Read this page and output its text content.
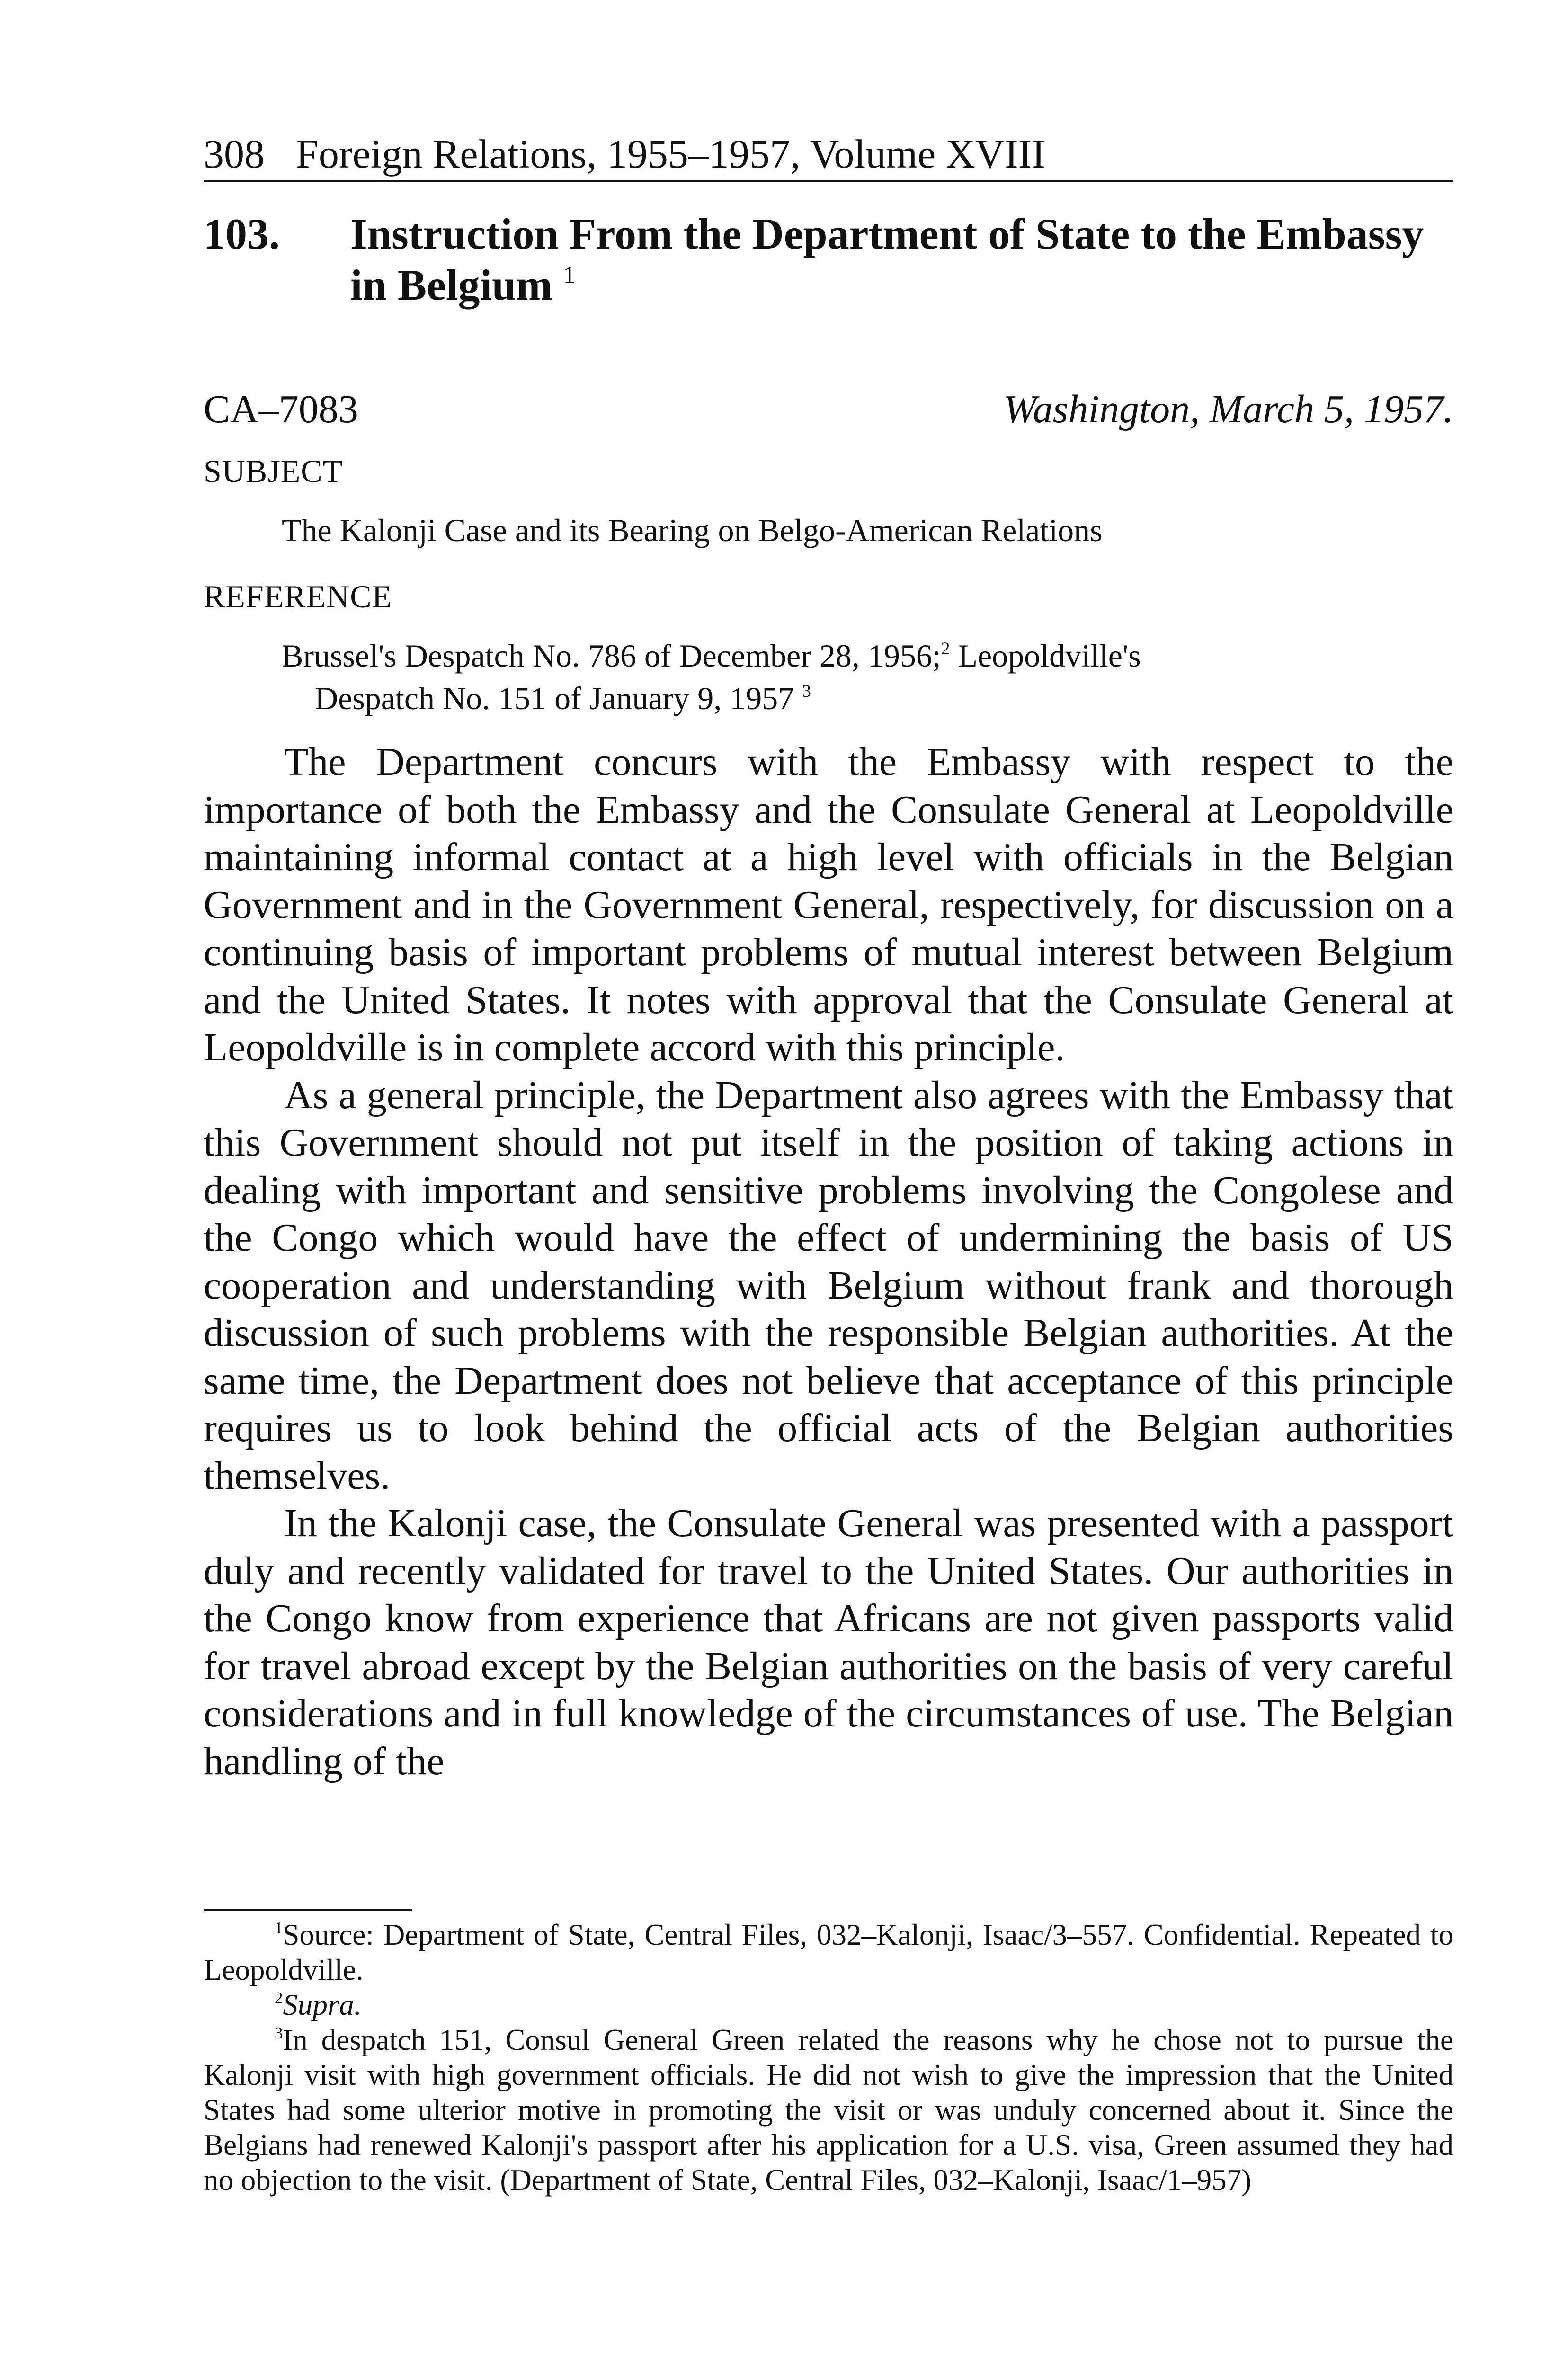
308 Foreign Relations, 1955–1957, Volume XVIII
103. Instruction From the Department of State to the Embassy in Belgium $^1$
CA–7083	Washington, March 5, 1957.
SUBJECT
The Kalonji Case and its Bearing on Belgo-American Relations
REFERENCE
Brussel's Despatch No. 786 of December 28, 1956;$^2$ Leopoldville's
Despatch No. 151 of January 9, 1957 $^3$

The Department concurs with the Embassy with respect to the importance of both the Embassy and the Consulate General at Leopoldville maintaining informal contact at a high level with officials in the Belgian Government and in the Government General, respectively, for discussion on a continuing basis of important problems of mutual interest between Belgium and the United States. It notes with approval that the Consulate General at Leopoldville is in complete accord with this principle.

As a general principle, the Department also agrees with the Embassy that this Government should not put itself in the position of taking actions in dealing with important and sensitive problems involving the Congolese and the Congo which would have the effect of undermining the basis of US cooperation and understanding with Belgium without frank and thorough discussion of such problems with the responsible Belgian authorities. At the same time, the Department does not believe that acceptance of this principle requires us to look behind the official acts of the Belgian authorities themselves.

In the Kalonji case, the Consulate General was presented with a passport duly and recently validated for travel to the United States. Our authorities in the Congo know from experience that Africans are not given passports valid for travel abroad except by the Belgian authorities on the basis of very careful considerations and in full knowledge of the circumstances of use. The Belgian handling of the

$^1$Source: Department of State, Central Files, 032–Kalonji, Isaac/3–557. Confidential. Repeated to Leopoldville.

$^2$Supra.

$^3$In despatch 151, Consul General Green related the reasons why he chose not to pursue the Kalonji visit with high government officials. He did not wish to give the impression that the United States had some ulterior motive in promoting the visit or was unduly concerned about it. Since the Belgians had renewed Kalonji's passport after his application for a U.S. visa, Green assumed they had no objection to the visit. (Department of State, Central Files, 032–Kalonji, Isaac/1–957)
